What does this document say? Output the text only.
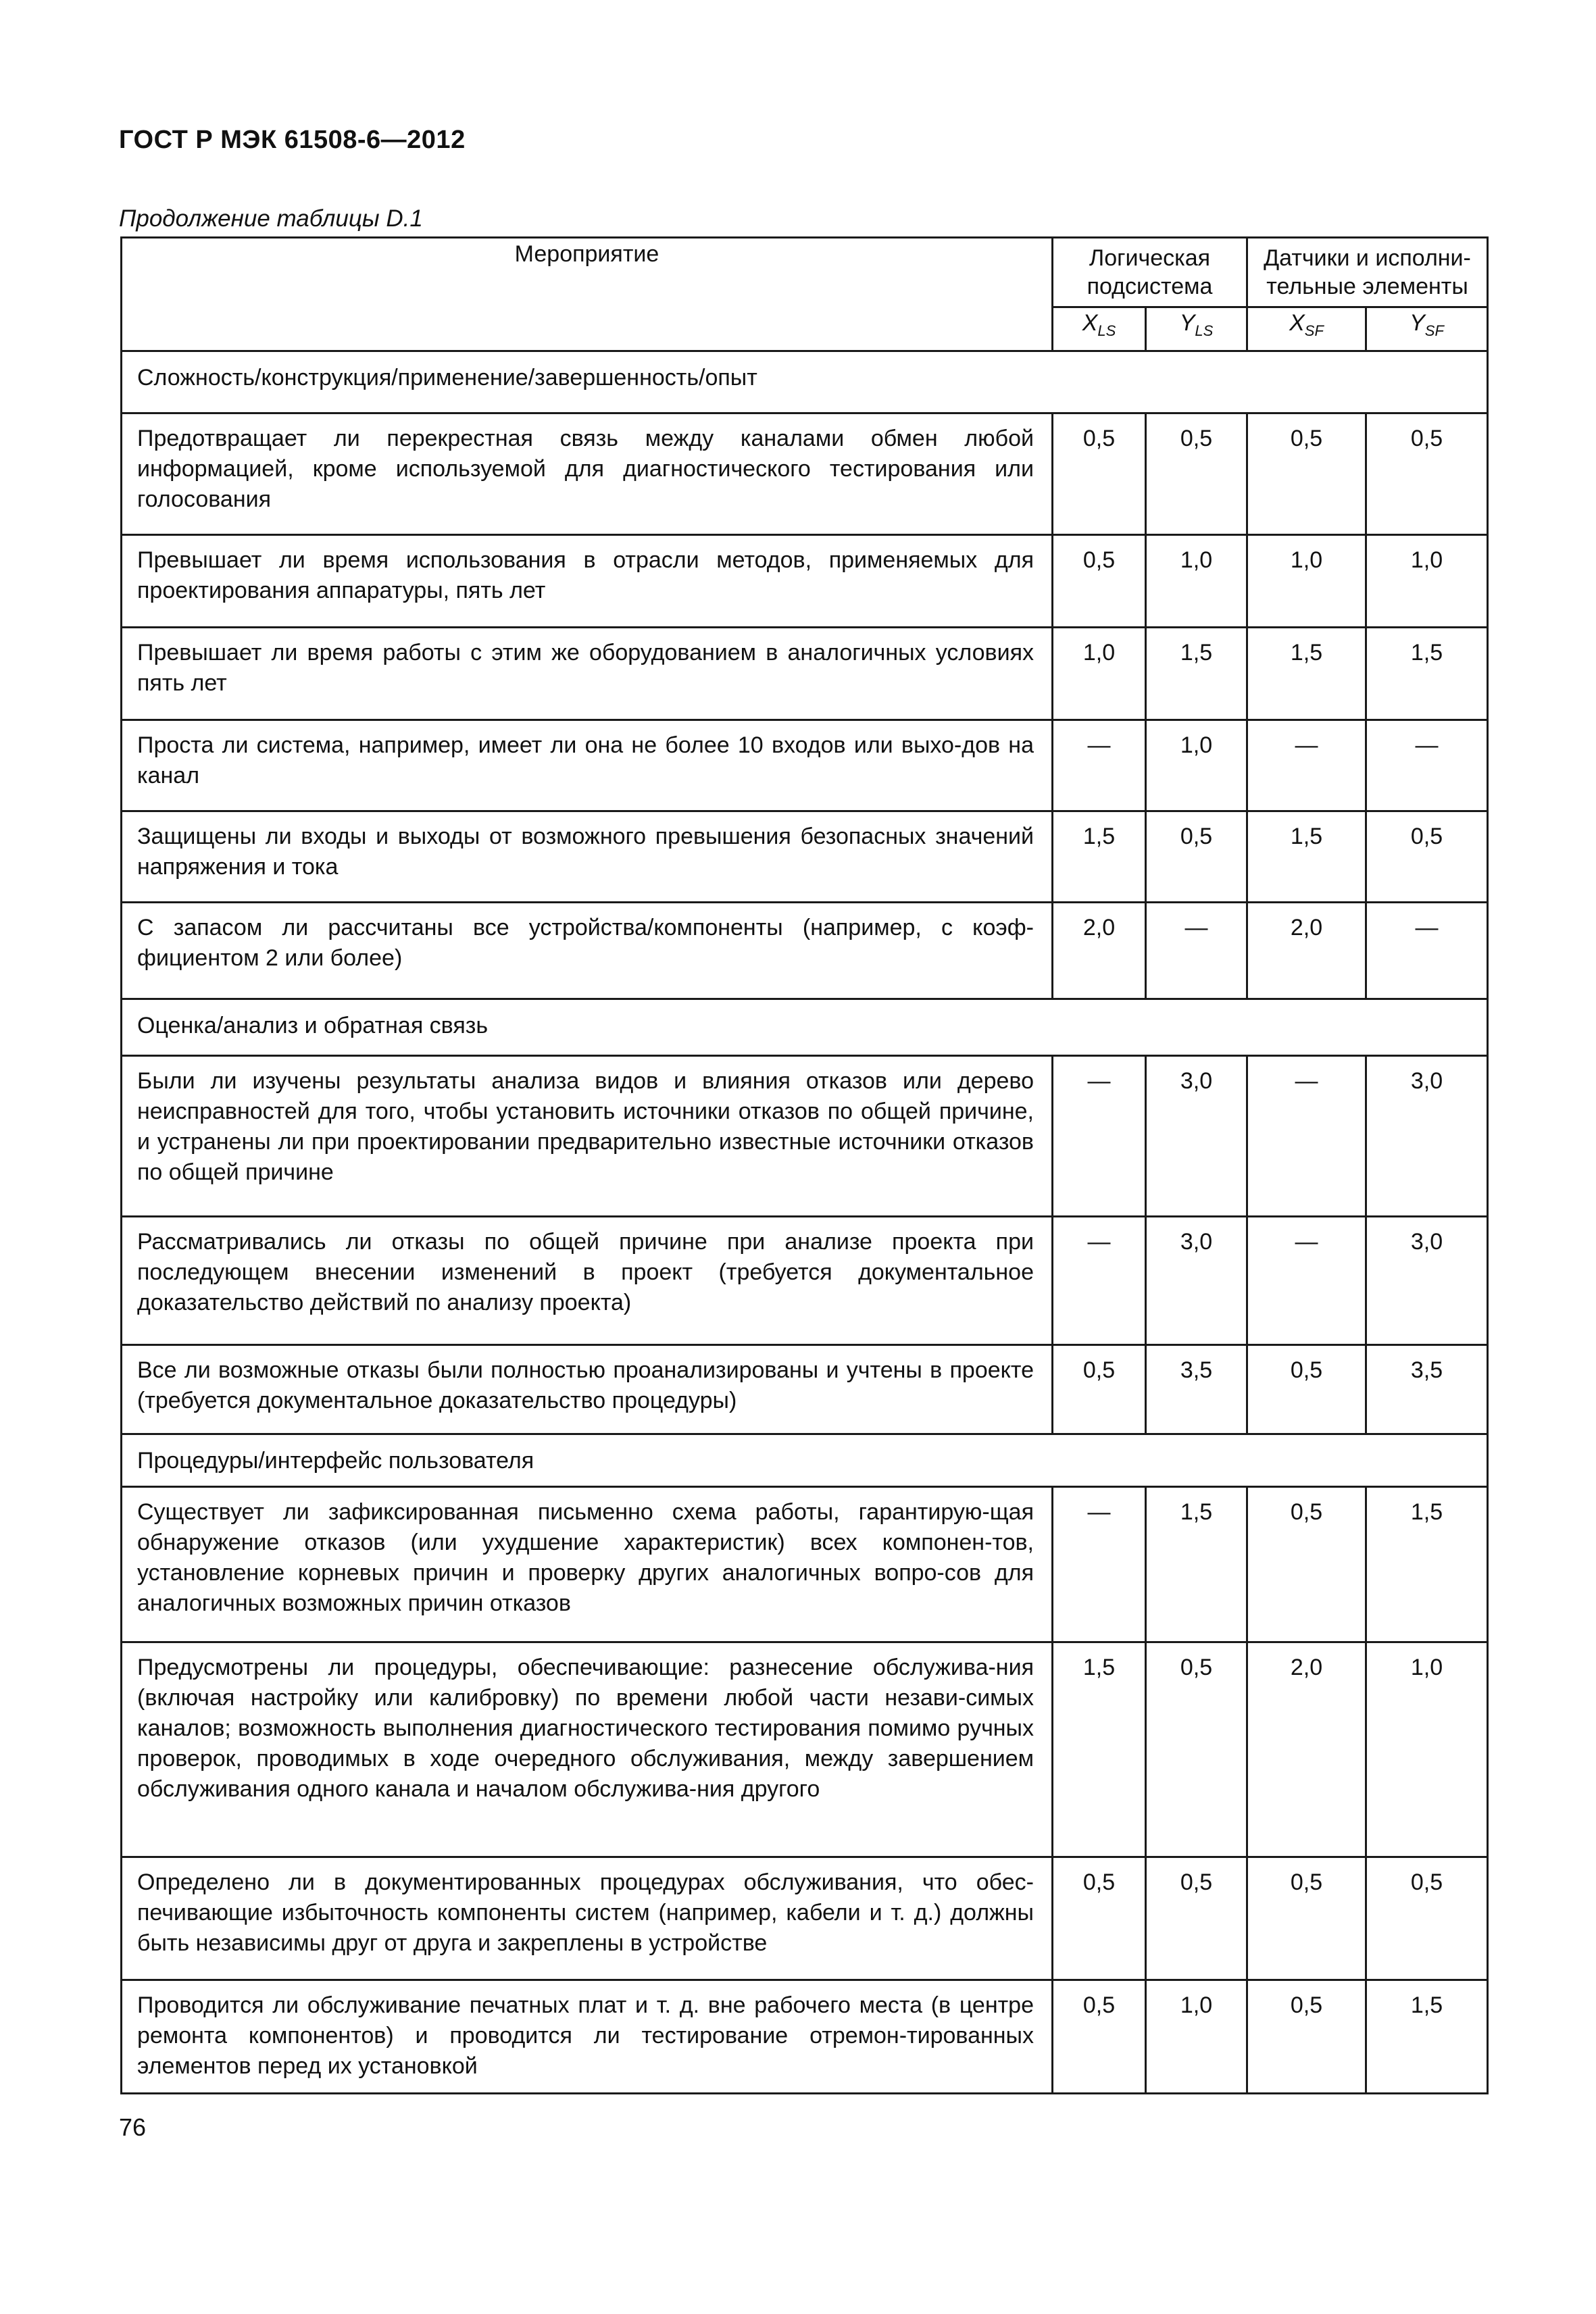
ГОСТ Р МЭК 61508-6—2012
Продолжение таблицы D.1
Мероприятие	Логическая подсистема		Датчики и исполни-тельные элементы	
	$X_{LS}$	$Y_{LS}$	$X_{SF}$	$Y_{SF}$
Сложность/конструкция/применение/завершенность/опыт				
Предотвращает ли перекрестная связь между каналами обмен любой информацией, кроме используемой для диагностического тестирования или голосования	0,5	0,5	0,5	0,5
Превышает ли время использования в отрасли методов, применяемых для проектирования аппаратуры, пять лет	0,5	1,0	1,0	1,0
Превышает ли время работы с этим же оборудованием в аналогичных условиях пять лет	1,0	1,5	1,5	1,5
Проста ли система, например, имеет ли она не более 10 входов или выхо-дов на канал	—	1,0	—	—
Защищены ли входы и выходы от возможного превышения безопасных значений напряжения и тока	1,5	0,5	1,5	0,5
С запасом ли рассчитаны все устройства/компоненты (например, с коэф-фициентом 2 или более)	2,0	—	2,0	—
Оценка/анализ и обратная связь				
Были ли изучены результаты анализа видов и влияния отказов или дерево неисправностей для того, чтобы установить источники отказов по общей причине, и устранены ли при проектировании предварительно известные источники отказов по общей причине	—	3,0	—	3,0
Рассматривались ли отказы по общей причине при анализе проекта при последующем внесении изменений в проект (требуется документальное доказательство действий по анализу проекта)	—	3,0	—	3,0
Все ли возможные отказы были полностью проанализированы и учтены в проекте (требуется документальное доказательство процедуры)	0,5	3,5	0,5	3,5
Процедуры/интерфейс пользователя				
Существует ли зафиксированная письменно схема работы, гарантирую-щая обнаружение отказов (или ухудшение характеристик) всех компонен-тов, установление корневых причин и проверку других аналогичных вопро-сов для аналогичных возможных причин отказов	—	1,5	0,5	1,5
Предусмотрены ли процедуры, обеспечивающие: разнесение обслужива-ния (включая настройку или калибровку) по времени любой части незави-симых каналов; возможность выполнения диагностического тестирования помимо ручных проверок, проводимых в ходе очередного обслуживания, между завершением обслуживания одного канала и началом обслужива-ния другого	1,5	0,5	2,0	1,0
Определено ли в документированных процедурах обслуживания, что обес-печивающие избыточность компоненты систем (например, кабели и т. д.) должны быть независимы друг от друга и закреплены в устройстве	0,5	0,5	0,5	0,5
Проводится ли обслуживание печатных плат и т. д. вне рабочего места (в центре ремонта компонентов) и проводится ли тестирование отремон-тированных элементов перед их установкой	0,5	1,0	0,5	1,5
76
